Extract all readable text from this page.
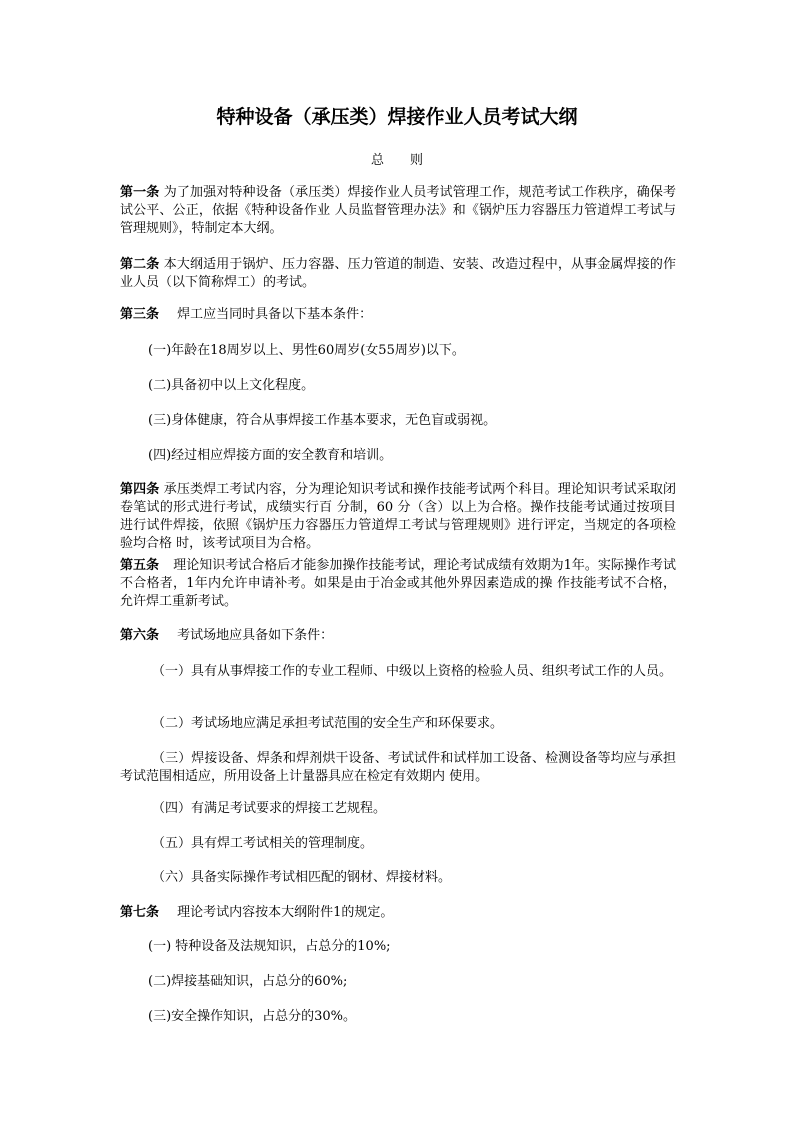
特种设备（承压类）焊接作业人员考试大纲
总　　则
第一条 为了加强对特种设备（承压类）焊接作业人员考试管理工作，规范考试工作秩序，确保考试公平、公正，依据《特种设备作业 人员监督管理办法》和《锅炉压力容器压力管道焊工考试与管理规则》，特制定本大纲。
第二条 本大纲适用于锅炉、压力容器、压力管道的制造、安装、改造过程中，从事金属焊接的作业人员（以下简称焊工）的考试。
第三条 焊工应当同时具备以下基本条件：
(一)年龄在18周岁以上、男性60周岁(女55周岁)以下。
(二)具备初中以上文化程度。
(三)身体健康，符合从事焊接工作基本要求，无色盲或弱视。
(四)经过相应焊接方面的安全教育和培训。
第四条 承压类焊工考试内容，分为理论知识考试和操作技能考试两个科目。理论知识考试采取闭卷笔试的形式进行考试，成绩实行百 分制，60 分（含）以上为合格。操作技能考试通过按项目进行试件焊接，依照《锅炉压力容器压力管道焊工考试与管理规则》进行评定，当规定的各项检验均合格 时，该考试项目为合格。
第五条 理论知识考试合格后才能参加操作技能考试，理论考试成绩有效期为1年。实际操作考试不合格者，1年内允许申请补考。如果是由于冶金或其他外界因素造成的操 作技能考试不合格，允许焊工重新考试。
第六条 考试场地应具备如下条件：
（一）具有从事焊接工作的专业工程师、中级以上资格的检验人员、组织考试工作的人员。
（二）考试场地应满足承担考试范围的安全生产和环保要求。
（三）焊接设备、焊条和焊剂烘干设备、考试试件和试样加工设备、检测设备等均应与承担考试范围相适应，所用设备上计量器具应在检定有效期内 使用。
（四）有满足考试要求的焊接工艺规程。
（五）具有焊工考试相关的管理制度。
（六）具备实际操作考试相匹配的钢材、焊接材料。
第七条 理论考试内容按本大纲附件1的规定。
(一) 特种设备及法规知识，占总分的10%;
(二)焊接基础知识，占总分的60%;
(三)安全操作知识，占总分的30%。
